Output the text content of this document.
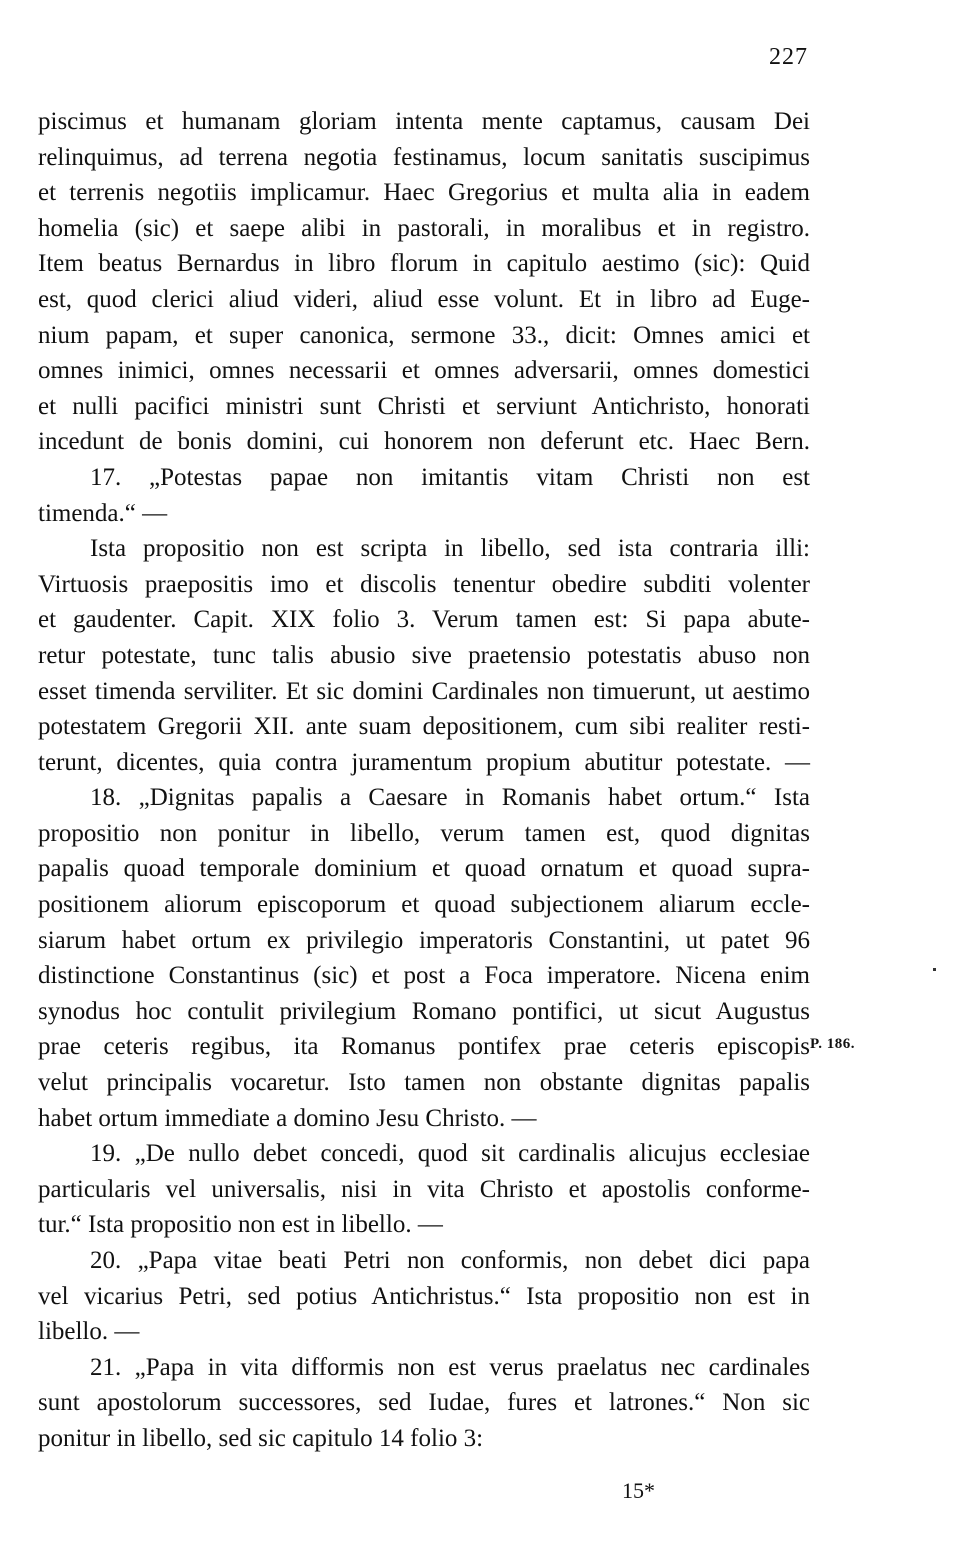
227
piscimus et humanam gloriam intenta mente captamus, causam Dei
relinquimus, ad terrena negotia festinamus, locum sanitatis suscipimus
et terrenis negotiis implicamur. Haec Gregorius et multa alia in eadem
homelia (sic) et saepe alibi in pastorali, in moralibus et in registro.
Item beatus Bernardus in libro florum in capitulo aestimo (sic): Quid
est, quod clerici aliud videri, aliud esse volunt. Et in libro ad Euge-
nium papam, et super canonica, sermone 33., dicit: Omnes amici et
omnes inimici, omnes necessarii et omnes adversarii, omnes domestici
et nulli pacifici ministri sunt Christi et serviunt Antichristo, honorati
incedunt de bonis domini, cui honorem non deferunt etc. Haec Bern.
17. „Potestas papae non imitantis vitam Christi non est
timenda.“ —
Ista propositio non est scripta in libello, sed ista contraria illi:
Virtuosis praepositis imo et discolis tenentur obedire subditi volenter
et gaudenter. Capit. XIX folio 3. Verum tamen est: Si papa abute-
retur potestate, tunc talis abusio sive praetensio potestatis abuso non
esset timenda serviliter. Et sic domini Cardinales non timuerunt, ut aestimo
potestatem Gregorii XII. ante suam depositionem, cum sibi realiter resti-
terunt, dicentes, quia contra juramentum propium abutitur potestate. —
18. „Dignitas papalis a Caesare in Romanis habet ortum.“ Ista
propositio non ponitur in libello, verum tamen est, quod dignitas
papalis quoad temporale dominium et quoad ornatum et quoad supra-
positionem aliorum episcoporum et quoad subjectionem aliarum eccle-
siarum habet ortum ex privilegio imperatoris Constantini, ut patet 96
distinctione Constantinus (sic) et post a Foca imperatore. Nicena enim
synodus hoc contulit privilegium Romano pontifici, ut sicut Augustus
prae ceteris regibus, ita Romanus pontifex prae ceteris episcopis
velut principalis vocaretur. Isto tamen non obstante dignitas papalis
habet ortum immediate a domino Jesu Christo. —
19. „De nullo debet concedi, quod sit cardinalis alicujus ecclesiae
particularis vel universalis, nisi in vita Christo et apostolis conforme-
tur.“ Ista propositio non est in libello. —
20. „Papa vitae beati Petri non conformis, non debet dici papa
vel vicarius Petri, sed potius Antichristus.“ Ista propositio non est in
libello. —
21. „Papa in vita difformis non est verus praelatus nec cardinales
sunt apostolorum successores, sed Iudae, fures et latrones.“ Non sic
ponitur in libello, sed sic capitulo 14 folio 3:
P. 186.
15*
